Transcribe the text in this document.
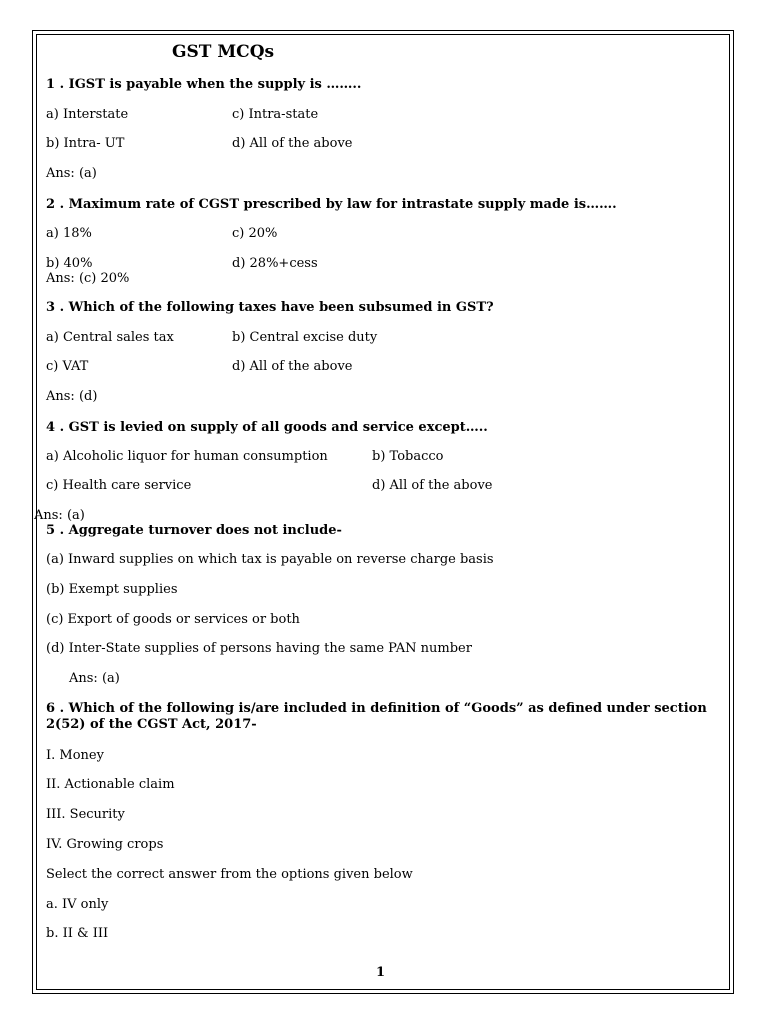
GST MCQs
1 . IGST is payable when the supply is ……..
a) Interstate	c) Intra-state
b) Intra- UT	d) All of the above
Ans: (a)
2 . Maximum rate of CGST prescribed by law for intrastate supply made is…….
a) 18%	c) 20%
b) 40%	d) 28%+cess
Ans: (c) 20%
3 . Which of the following taxes have been subsumed in GST?
a) Central sales tax	b) Central excise duty
c) VAT	d) All of the above
Ans: (d)
4 . GST is levied on supply of all goods and service except…..
a) Alcoholic liquor for human consumption	b) Tobacco
c) Health care service	d) All of the above
Ans: (a)
5 . Aggregate turnover does not include-
(a) Inward supplies on which tax is payable on reverse charge basis
(b) Exempt supplies
(c) Export of goods or services or both
(d) Inter-State supplies of persons having the same PAN number
Ans: (a)
6 . Which of the following is/are included in definition of “Goods” as defined under section 2(52) of the CGST Act, 2017-
I. Money
II. Actionable claim
III. Security
IV. Growing crops
Select the correct answer from the options given below
a. IV only
b. II & III
1
